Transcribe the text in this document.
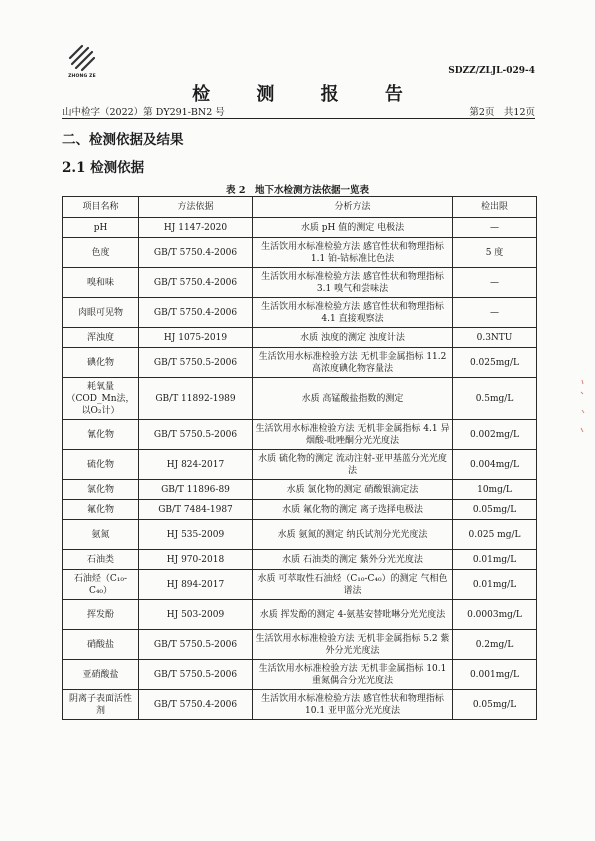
ZHONG ZE
SDZZ/ZLJL-029-4
检 测 报 告
山中检字（2022）第 DY291-BN2 号	第2页　共12页
二、检测依据及结果
2.1 检测依据
表 2　地下水检测方法依据一览表
项目名称	方法依据	分析方法	检出限
pH	HJ 1147-2020	水质 pH 值的测定 电极法	—
色度	GB/T 5750.4-2006	生活饮用水标准检验方法 感官性状和物理指标 1.1 铂-钴标准比色法	5 度
嗅和味	GB/T 5750.4-2006	生活饮用水标准检验方法 感官性状和物理指标 3.1 嗅气和尝味法	—
肉眼可见物	GB/T 5750.4-2006	生活饮用水标准检验方法 感官性状和物理指标 4.1 直接观察法	—
浑浊度	HJ 1075-2019	水质 浊度的测定 浊度计法	0.3NTU
碘化物	GB/T 5750.5-2006	生活饮用水标准检验方法 无机非金属指标 11.2 高浓度碘化物容量法	0.025mg/L
耗氧量（COD_Mn法，以O₂计）	GB/T 11892-1989	水质 高锰酸盐指数的测定	0.5mg/L
氰化物	GB/T 5750.5-2006	生活饮用水标准检验方法 无机非金属指标 4.1 异烟酸-吡唑酮分光光度法	0.002mg/L
硫化物	HJ 824-2017	水质 硫化物的测定 流动注射-亚甲基蓝分光光度法	0.004mg/L
氯化物	GB/T 11896-89	水质 氯化物的测定 硝酸银滴定法	10mg/L
氟化物	GB/T 7484-1987	水质 氟化物的测定 离子选择电极法	0.05mg/L
氨氮	HJ 535-2009	水质 氨氮的测定 纳氏试剂分光光度法	0.025 mg/L
石油类	HJ 970-2018	水质 石油类的测定 紫外分光光度法	0.01mg/L
石油烃（C₁₀-C₄₀）	HJ 894-2017	水质 可萃取性石油烃（C₁₀-C₄₀）的测定 气相色谱法	0.01mg/L
挥发酚	HJ 503-2009	水质 挥发酚的测定 4-氨基安替吡啉分光光度法	0.0003mg/L
硝酸盐	GB/T 5750.5-2006	生活饮用水标准检验方法 无机非金属指标 5.2 紫外分光光度法	0.2mg/L
亚硝酸盐	GB/T 5750.5-2006	生活饮用水标准检验方法 无机非金属指标 10.1 重氮偶合分光光度法	0.001mg/L
阴离子表面活性剂	GB/T 5750.4-2006	生活饮用水标准检验方法 感官性状和物理指标 10.1 亚甲蓝分光光度法	0.05mg/L
